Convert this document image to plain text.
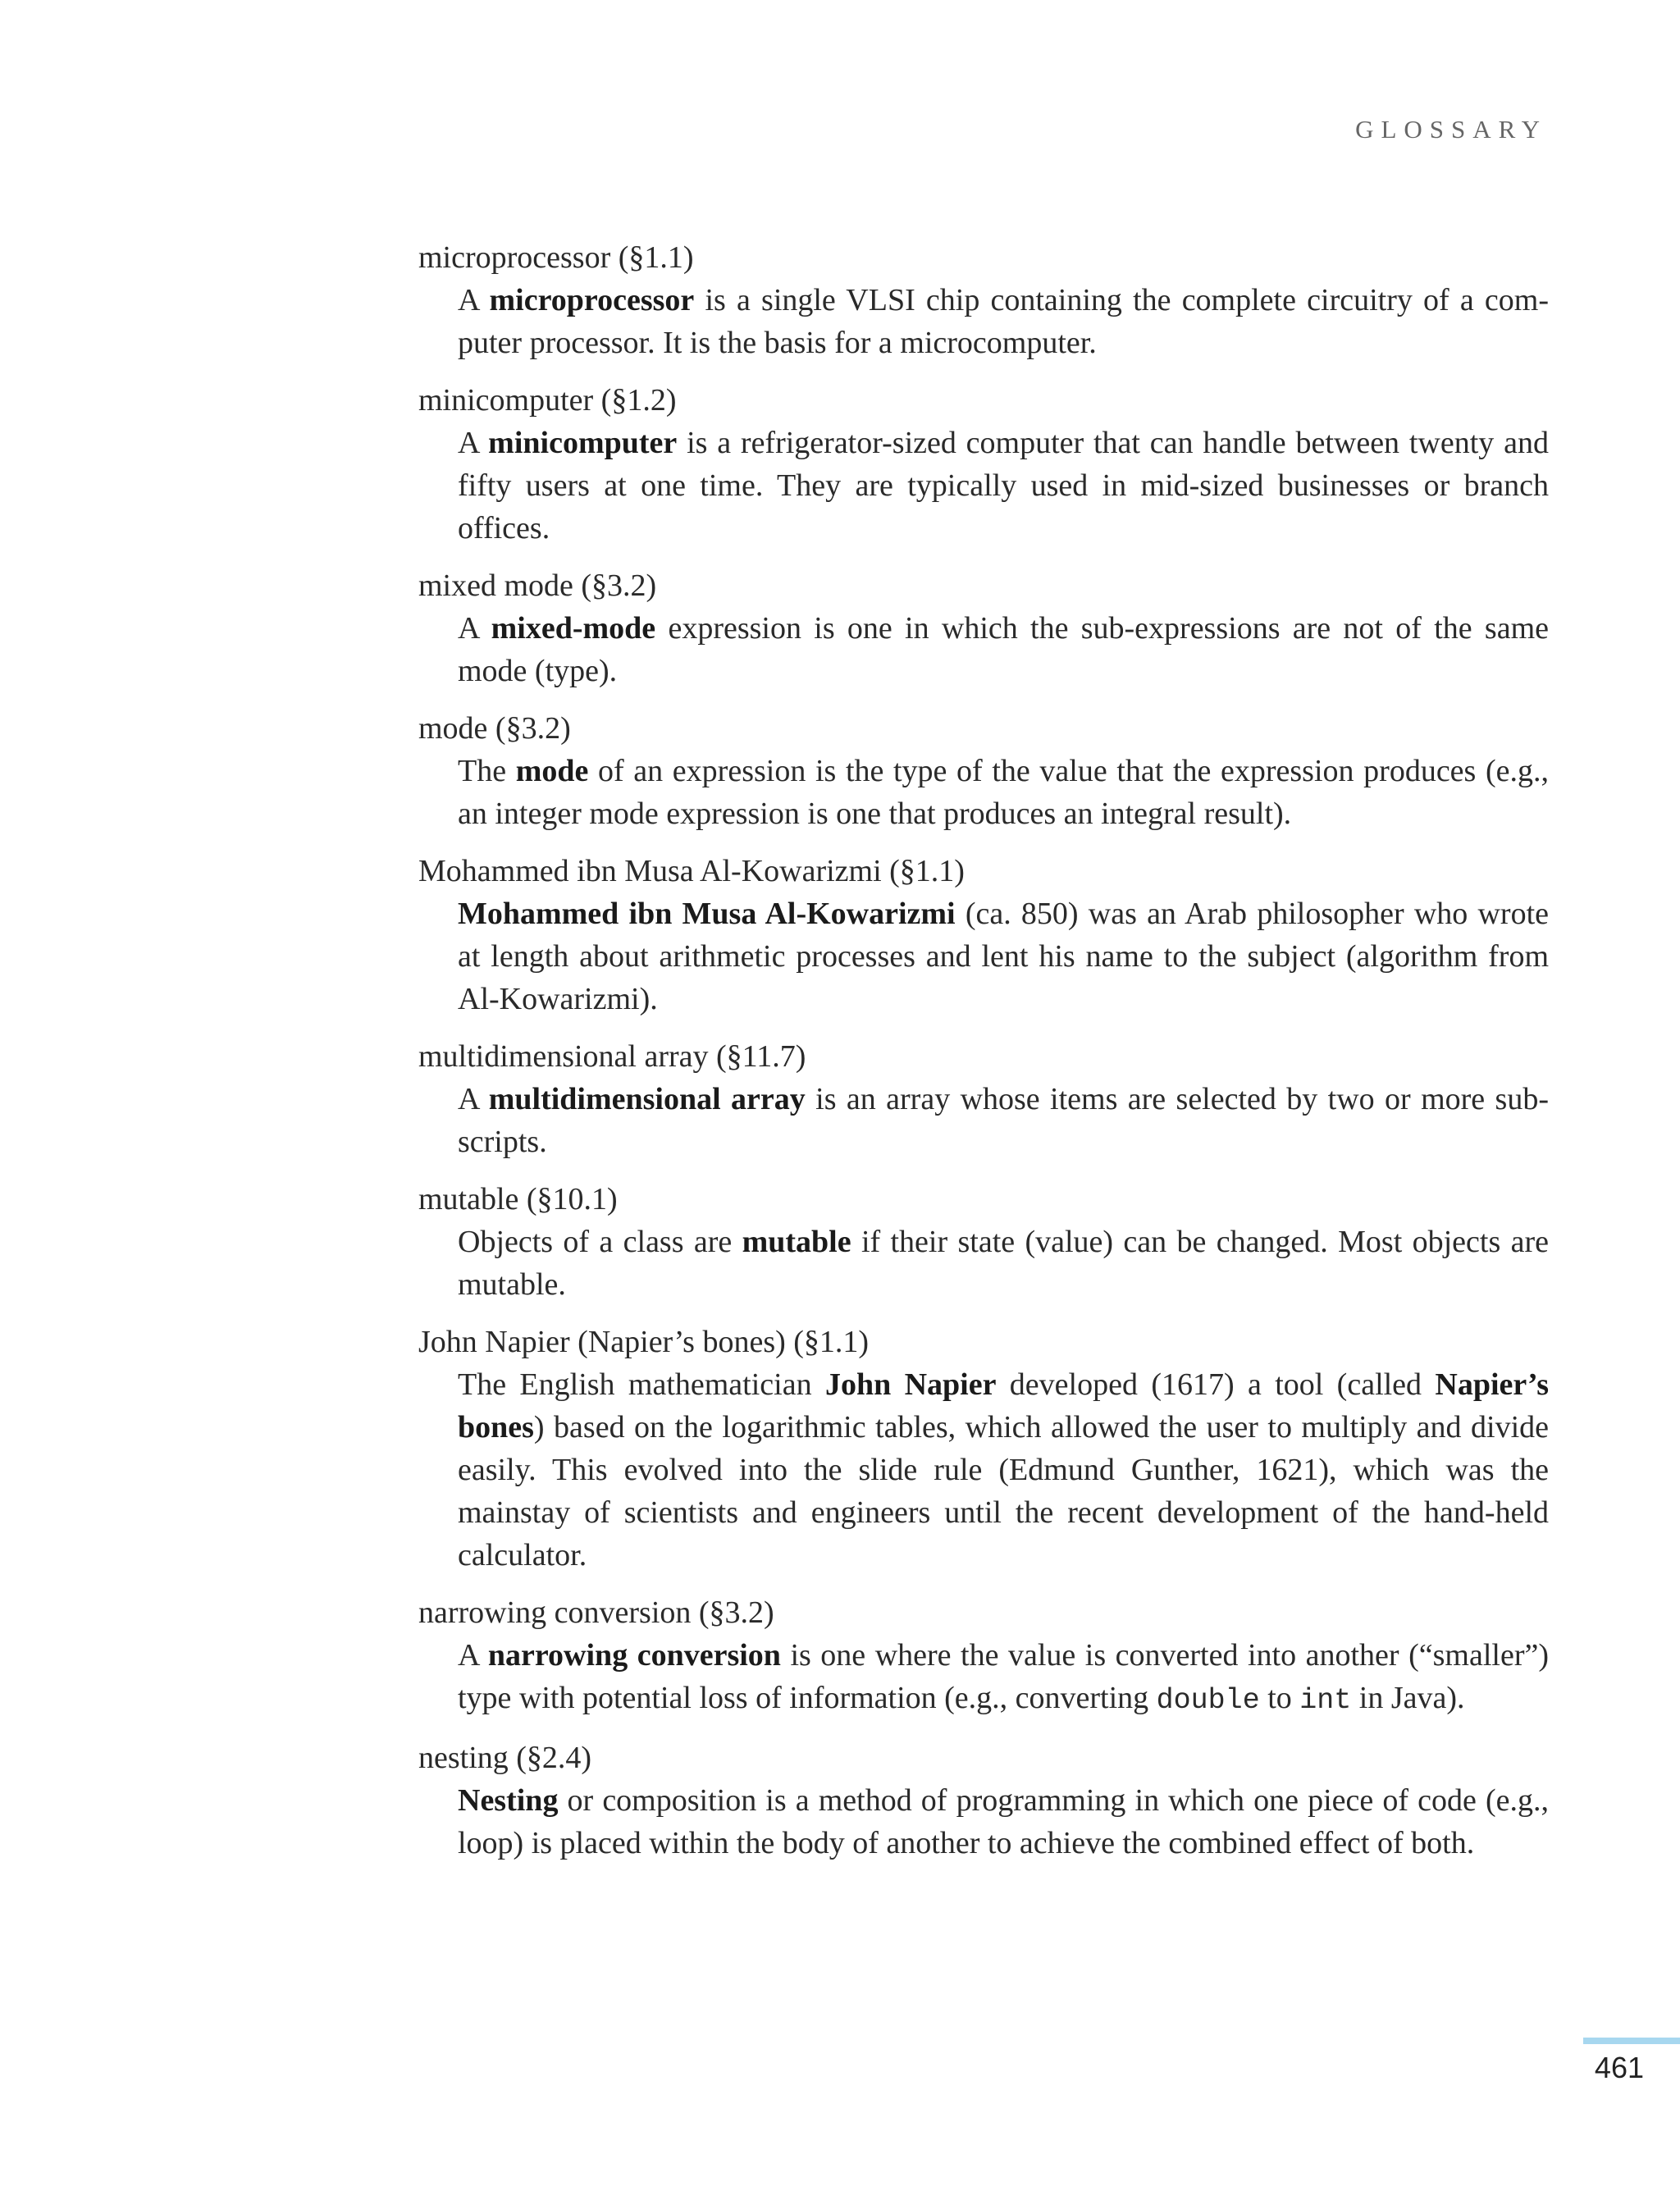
GLOSSARY
microprocessor (§1.1)
A microprocessor is a single VLSI chip containing the complete circuitry of a computer processor. It is the basis for a microcomputer.
minicomputer (§1.2)
A minicomputer is a refrigerator-sized computer that can handle between twenty and fifty users at one time. They are typically used in mid-sized businesses or branch offices.
mixed mode (§3.2)
A mixed-mode expression is one in which the sub-expressions are not of the same mode (type).
mode (§3.2)
The mode of an expression is the type of the value that the expression produces (e.g., an integer mode expression is one that produces an integral result).
Mohammed ibn Musa Al-Kowarizmi (§1.1)
Mohammed ibn Musa Al-Kowarizmi (ca. 850) was an Arab philosopher who wrote at length about arithmetic processes and lent his name to the subject (algorithm from Al-Kowarizmi).
multidimensional array (§11.7)
A multidimensional array is an array whose items are selected by two or more subscripts.
mutable (§10.1)
Objects of a class are mutable if their state (value) can be changed. Most objects are mutable.
John Napier (Napier’s bones) (§1.1)
The English mathematician John Napier developed (1617) a tool (called Napier’s bones) based on the logarithmic tables, which allowed the user to multiply and divide easily. This evolved into the slide rule (Edmund Gunther, 1621), which was the mainstay of scientists and engineers until the recent development of the hand-held calculator.
narrowing conversion (§3.2)
A narrowing conversion is one where the value is converted into another (“smaller”) type with potential loss of information (e.g., converting double to int in Java).
nesting (§2.4)
Nesting or composition is a method of programming in which one piece of code (e.g., loop) is placed within the body of another to achieve the combined effect of both.
461
